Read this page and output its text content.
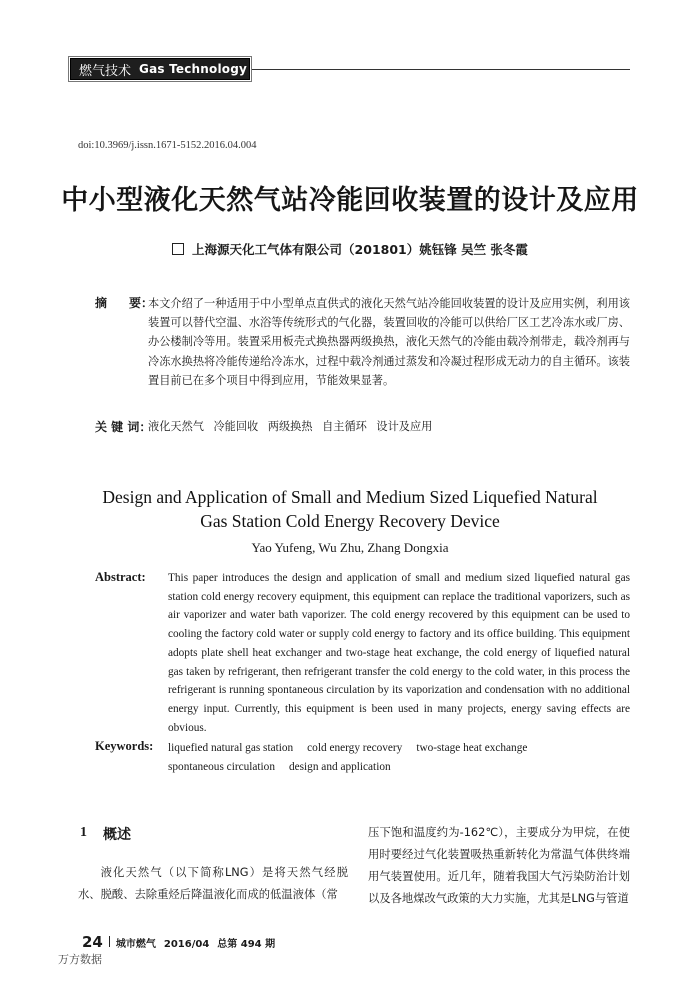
燃气技术 Gas Technology
doi:10.3969/j.issn.1671-5152.2016.04.004
中小型液化天然气站冷能回收装置的设计及应用
上海源天化工气体有限公司（201801）姚钰锋 吴竺 张冬霞
摘 要：
本文介绍了一种适用于中小型单点直供式的液化天然气站冷能回收装置的设计及应用实例，利用该装置可以替代空温、水浴等传统形式的气化器，装置回收的冷能可以供给厂区工艺冷冻水或厂房、办公楼制冷等用。装置采用板壳式换热器两级换热，液化天然气的冷能由载冷剂带走，载冷剂再与冷冻水换热将冷能传递给冷冻水，过程中载冷剂通过蒸发和冷凝过程形成无动力的自主循环。该装置目前已在多个项目中得到应用，节能效果显著。
关 键 词：
液化天然气 冷能回收 两级换热 自主循环 设计及应用
Design and Application of Small and Medium Sized Liquefied Natural
Gas Station Cold Energy Recovery Device
Yao Yufeng, Wu Zhu, Zhang Dongxia
Abstract: This paper introduces the design and application of small and medium sized liquefied natural gas station cold energy recovery equipment, this equipment can replace the traditional vaporizers, such as air vaporizer and water bath vaporizer. The cold energy recovered by this equipment can be used to cooling the factory cold water or supply cold energy to factory and its office building. This equipment adopts plate shell heat exchanger and two-stage heat exchange, the cold energy of liquefied natural gas taken by refrigerant, then refrigerant transfer the cold energy to the cold water, in this process the refrigerant is running spontaneous circulation by its vaporization and condensation with no additional energy input. Currently, this equipment is been used in many projects, energy saving effects are obvious.
Keywords: liquefied natural gas station cold energy recovery two-stage heat exchange
spontaneous circulation design and application
1 概述
液化天然气（以下简称LNG）是将天然气经脱水、脱酸、去除重烃后降温液化而成的低温液体（常
压下饱和温度约为-162℃），主要成分为甲烷，在使用时要经过气化装置吸热重新转化为常温气体供终端用气装置使用。近几年，随着我国大气污染防治计划以及各地煤改气政策的大力实施，尤其是LNG与管道
24 城市燃气 2016/04 总第 494 期
万方数据
